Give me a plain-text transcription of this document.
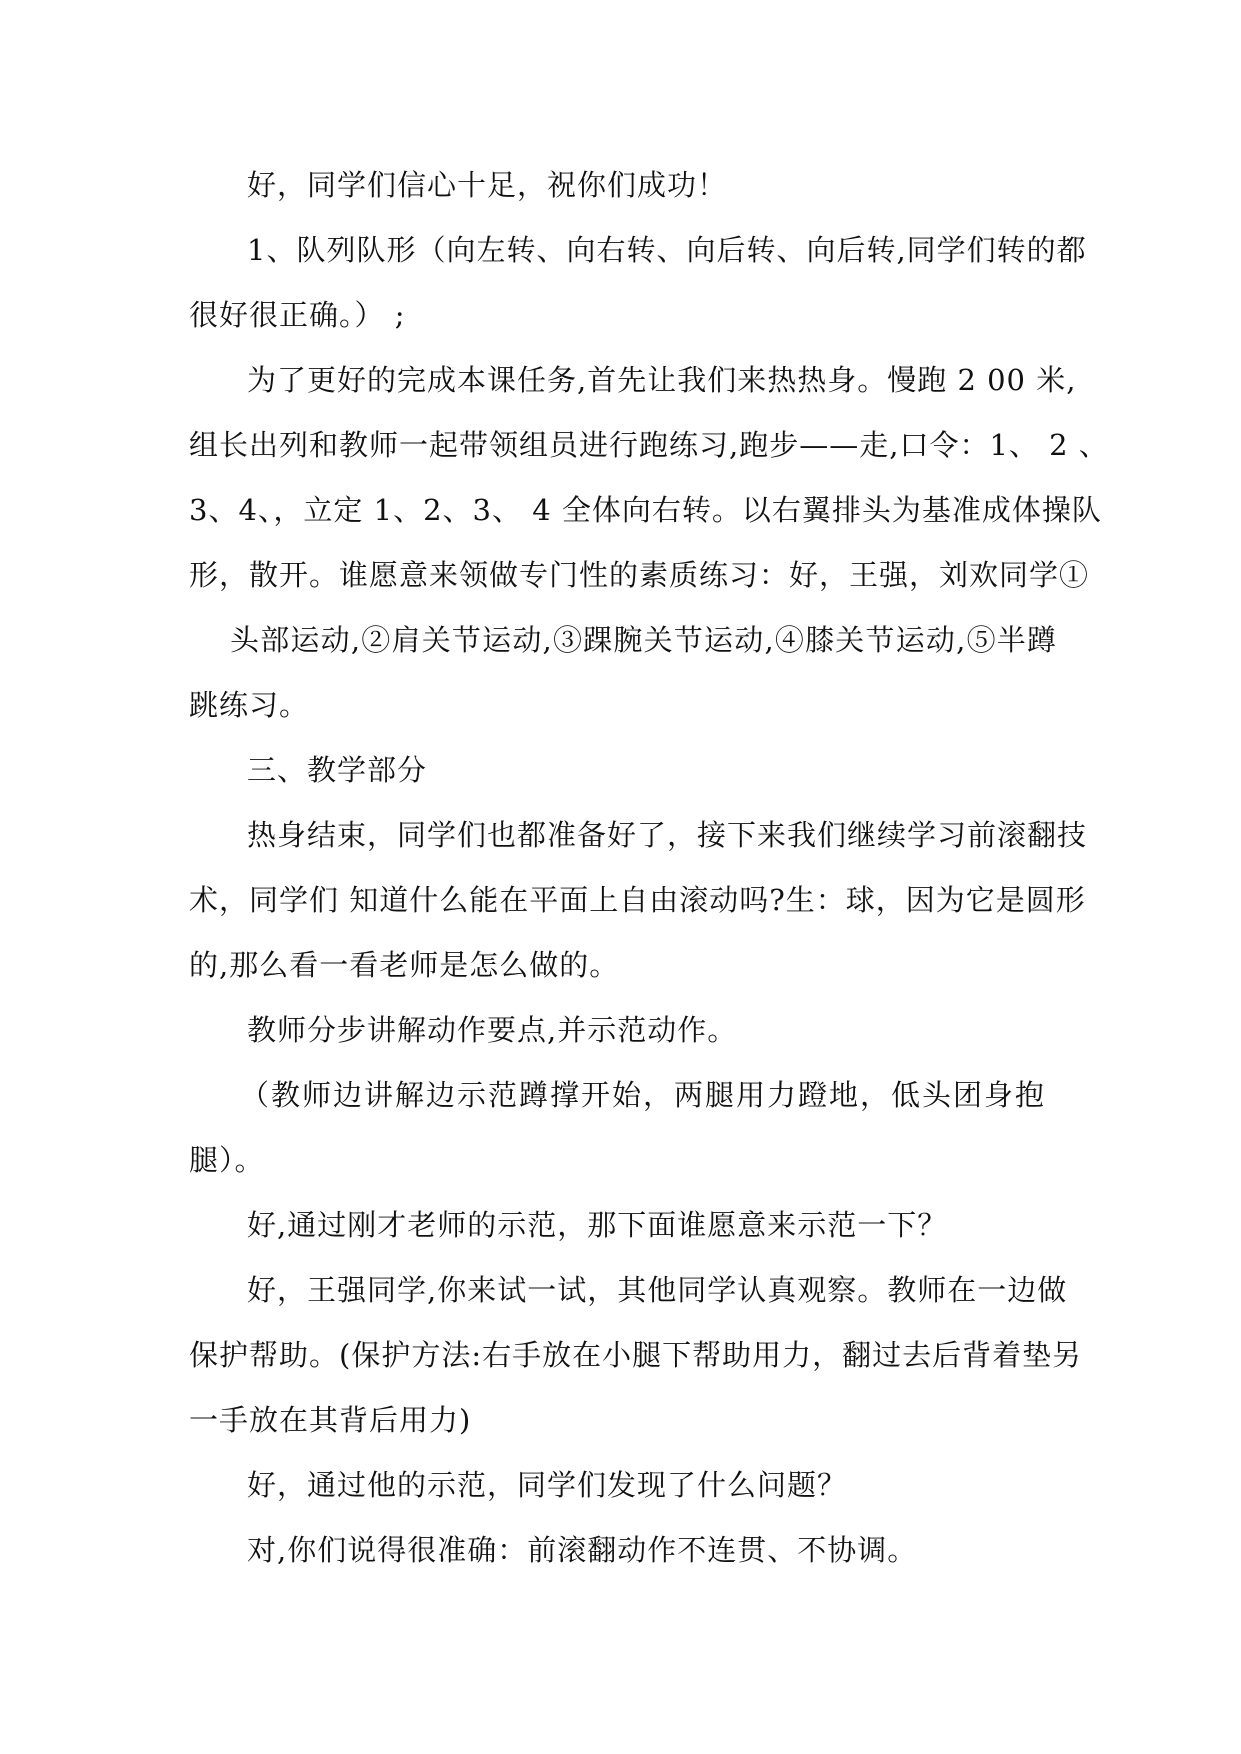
好，同学们信心十足，祝你们成功！
1、队列队形（向左转、向右转、向后转、向后转,同学们转的都
很好很正确。） ;
为了更好的完成本课任务,首先让我们来热热身。慢跑 2 00 米,
组长出列和教师一起带领组员进行跑练习,跑步——走,口令：1、 2 、
3、4、，立定 1、2、3、 4 全体向右转。以右翼排头为基准成体操队
形，散开。谁愿意来领做专门性的素质练习：好，王强，刘欢同学①
头部运动,②肩关节运动,③踝腕关节运动,④膝关节运动,⑤半蹲
跳练习。
三、教学部分
热身结束，同学们也都准备好了，接下来我们继续学习前滚翻技
术，同学们 知道什么能在平面上自由滚动吗?生：球，因为它是圆形
的,那么看一看老师是怎么做的。
教师分步讲解动作要点,并示范动作。
（教师边讲解边示范蹲撑开始，两腿用力蹬地，低头团身抱
腿）。
好,通过刚才老师的示范，那下面谁愿意来示范一下？
好，王强同学,你来试一试，其他同学认真观察。教师在一边做
保护帮助。(保护方法:右手放在小腿下帮助用力，翻过去后背着垫另
一手放在其背后用力)
好，通过他的示范，同学们发现了什么问题？
对,你们说得很准确：前滚翻动作不连贯、不协调。
